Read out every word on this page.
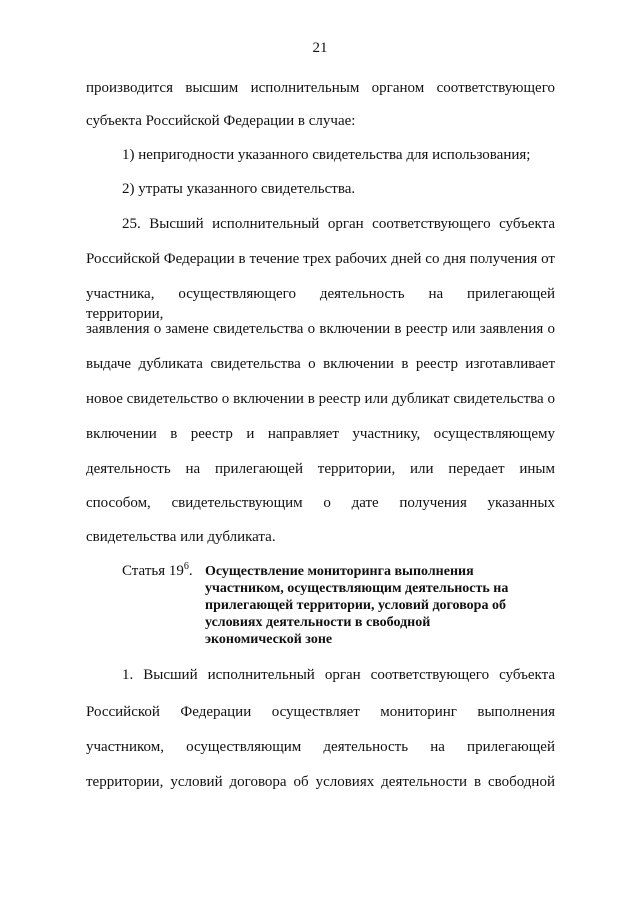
21
производится высшим исполнительным органом соответствующего
субъекта Российской Федерации в случае:
1) непригодности указанного свидетельства для использования;
2) утраты указанного свидетельства.
25. Высший исполнительный орган соответствующего субъекта
Российской Федерации в течение трех рабочих дней со дня получения от
участника, осуществляющего деятельность на прилегающей территории,
заявления о замене свидетельства о включении в реестр или заявления о
выдаче дубликата свидетельства о включении в реестр изготавливает
новое свидетельство о включении в реестр или дубликат свидетельства о
включении в реестр и направляет участнику, осуществляющему
деятельность на прилегающей территории, или передает иным
способом, свидетельствующим о дате получения указанных
свидетельства или дубликата.
Статья $19^6$. Осуществление мониторинга выполнения
участником, осуществляющим деятельность на
прилегающей территории, условий договора об
условиях деятельности в свободной
экономической зоне
1. Высший исполнительный орган соответствующего субъекта
Российской Федерации осуществляет мониторинг выполнения
участником, осуществляющим деятельность на прилегающей
территории, условий договора об условиях деятельности в свободной
